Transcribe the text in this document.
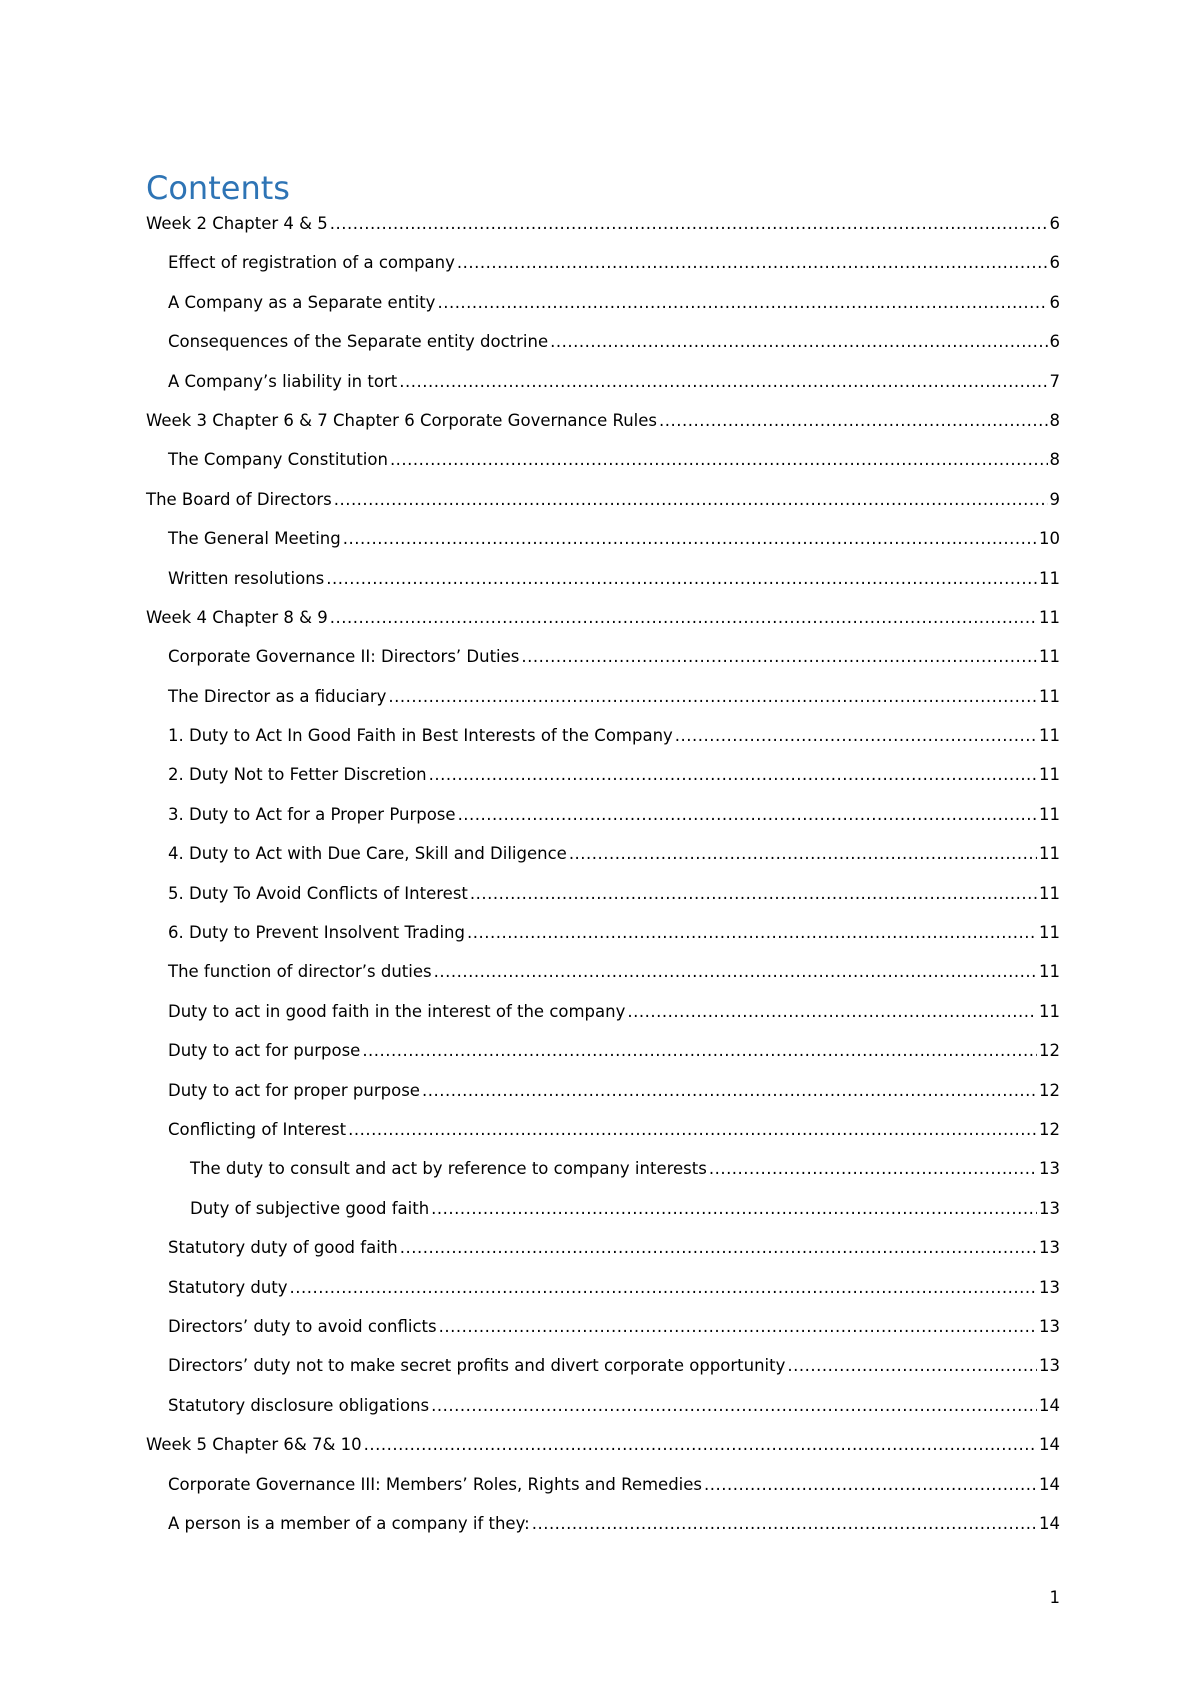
Contents
Week 2 Chapter 4 & 5 .....	6
Effect of registration of a company .....	6
A Company as a Separate entity .....	6
Consequences of the Separate entity doctrine .....	6
A Company’s liability in tort .....	7
Week 3 Chapter 6 & 7 Chapter 6 Corporate Governance Rules .....	8
The Company Constitution .....	8
The Board of Directors .....	9
The General Meeting .....	10
Written resolutions .....	11
Week 4 Chapter 8 & 9 .....	11
Corporate Governance II: Directors’ Duties .....	11
The Director as a fiduciary .....	11
1. Duty to Act In Good Faith in Best Interests of the Company .....	11
2. Duty Not to Fetter Discretion .....	11
3. Duty to Act for a Proper Purpose .....	11
4. Duty to Act with Due Care, Skill and Diligence .....	11
5. Duty To Avoid Conflicts of Interest .....	11
6. Duty to Prevent Insolvent Trading .....	11
The function of director’s duties .....	11
Duty to act in good faith in the interest of the company .....	11
Duty to act for purpose .....	12
Duty to act for proper purpose .....	12
Conflicting of Interest .....	12
The duty to consult and act by reference to company interests .....	13
Duty of subjective good faith .....	13
Statutory duty of good faith .....	13
Statutory duty .....	13
Directors’ duty to avoid conflicts .....	13
Directors’ duty not to make secret profits and divert corporate opportunity .....	13
Statutory disclosure obligations .....	14
Week 5 Chapter 6& 7& 10 .....	14
Corporate Governance III: Members’ Roles, Rights and Remedies .....	14
A person is a member of a company if they: .....	14
1
